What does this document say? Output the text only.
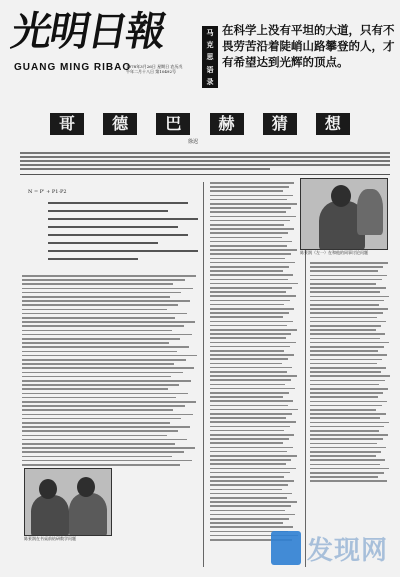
光明日報
GUANG MING RIBAO
1978年3月26日 星期日 农历戊午年二月十八日 第10492号
马
克
思
语
录
在科学上没有平坦的大道，只有不畏劳苦沿着陡峭山路攀登的人，才有希望达到光辉的顶点。
哥	德	巴	赫	猜	想
徐迟
N = P' + P1·P2
陈景润（左一）在和他的同事讨论问题
陈景润在书桌前钻研数学问题	发现网
